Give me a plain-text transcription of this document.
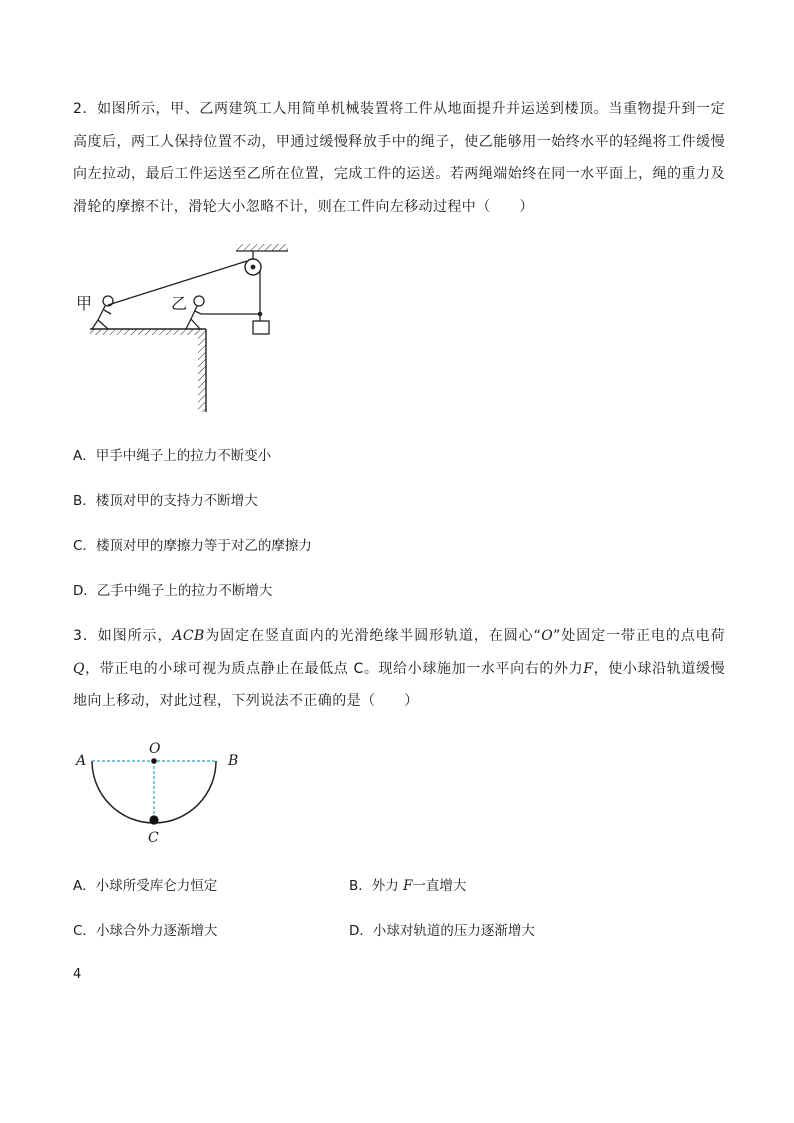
2．如图所示，甲、乙两建筑工人用简单机械装置将工件从地面提升并运送到楼顶。当重物提升到一定高度后，两工人保持位置不动，甲通过缓慢释放手中的绳子，使乙能够用一始终水平的轻绳将工件缓慢向左拉动，最后工件运送至乙所在位置，完成工件的运送。若两绳端始终在同一水平面上，绳的重力及滑轮的摩擦不计，滑轮大小忽略不计，则在工件向左移动过程中（　　）

甲	乙
A．甲手中绳子上的拉力不断变小
B．楼顶对甲的支持力不断增大
C．楼顶对甲的摩擦力等于对乙的摩擦力
D．乙手中绳子上的拉力不断增大

3．如图所示，ACB为固定在竖直面内的光滑绝缘半圆形轨道，在圆心“O”处固定一带正电的点电荷Q，带正电的小球可视为质点静止在最低点 C。现给小球施加一水平向右的外力F，使小球沿轨道缓慢地向上移动，对此过程，下列说法不正确的是（　　）

A
O
B
C
A．小球所受库仑力恒定	B．外力 F一直增大
C．小球合外力逐渐增大	D．小球对轨道的压力逐渐增大
4
